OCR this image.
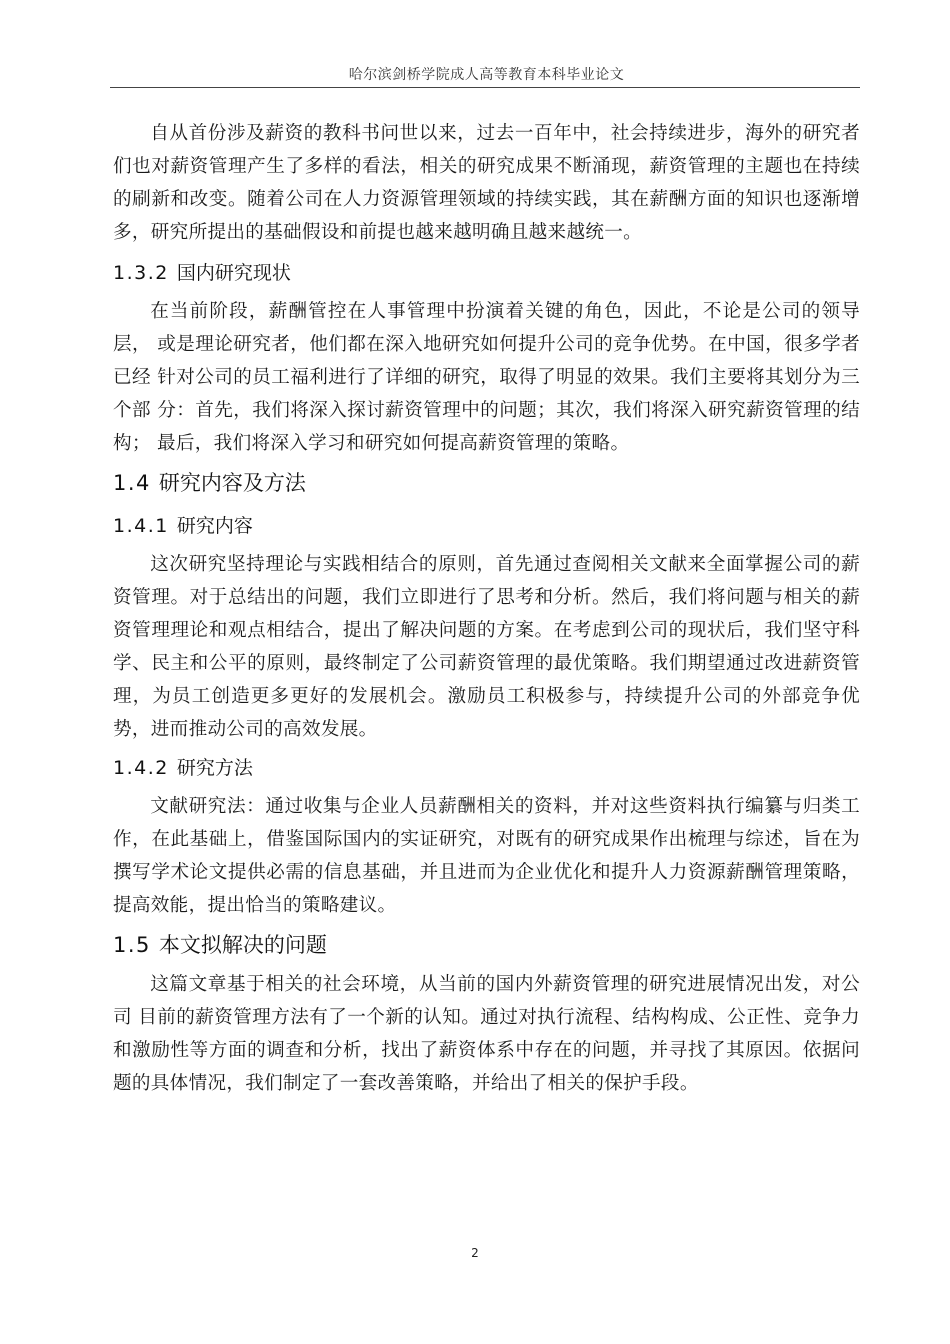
哈尔滨剑桥学院成人高等教育本科毕业论文

自从首份涉及薪资的教科书问世以来，过去一百年中，社会持续进步，海外的研究者们也对薪资管理产生了多样的看法，相关的研究成果不断涌现，薪资管理的主题也在持续的刷新和改变。随着公司在人力资源管理领域的持续实践，其在薪酬方面的知识也逐渐增多，研究所提出的基础假设和前提也越来越明确且越来越统一。

1.3.2 国内研究现状

在当前阶段，薪酬管控在人事管理中扮演着关键的角色，因此，不论是公司的领导层， 或是理论研究者，他们都在深入地研究如何提升公司的竞争优势。在中国，很多学者已经 针对公司的员工福利进行了详细的研究，取得了明显的效果。我们主要将其划分为三个部 分：首先，我们将深入探讨薪资管理中的问题；其次，我们将深入研究薪资管理的结构； 最后，我们将深入学习和研究如何提高薪资管理的策略。

1.4 研究内容及方法
1.4.1 研究内容

这次研究坚持理论与实践相结合的原则，首先通过查阅相关文献来全面掌握公司的薪资管理。对于总结出的问题，我们立即进行了思考和分析。然后，我们将问题与相关的薪资管理理论和观点相结合，提出了解决问题的方案。在考虑到公司的现状后，我们坚守科学、民主和公平的原则，最终制定了公司薪资管理的最优策略。我们期望通过改进薪资管理，为员工创造更多更好的发展机会。激励员工积极参与，持续提升公司的外部竞争优势，进而推动公司的高效发展。

1.4.2 研究方法

文献研究法：通过收集与企业人员薪酬相关的资料，并对这些资料执行编纂与归类工作，在此基础上，借鉴国际国内的实证研究，对既有的研究成果作出梳理与综述，旨在为撰写学术论文提供必需的信息基础，并且进而为企业优化和提升人力资源薪酬管理策略，提高效能，提出恰当的策略建议。

1.5 本文拟解决的问题

这篇文章基于相关的社会环境，从当前的国内外薪资管理的研究进展情况出发，对公司 目前的薪资管理方法有了一个新的认知。通过对执行流程、结构构成、公正性、竞争力 和激励性等方面的调查和分析，找出了薪资体系中存在的问题，并寻找了其原因。依据问 题的具体情况，我们制定了一套改善策略，并给出了相关的保护手段。

2
